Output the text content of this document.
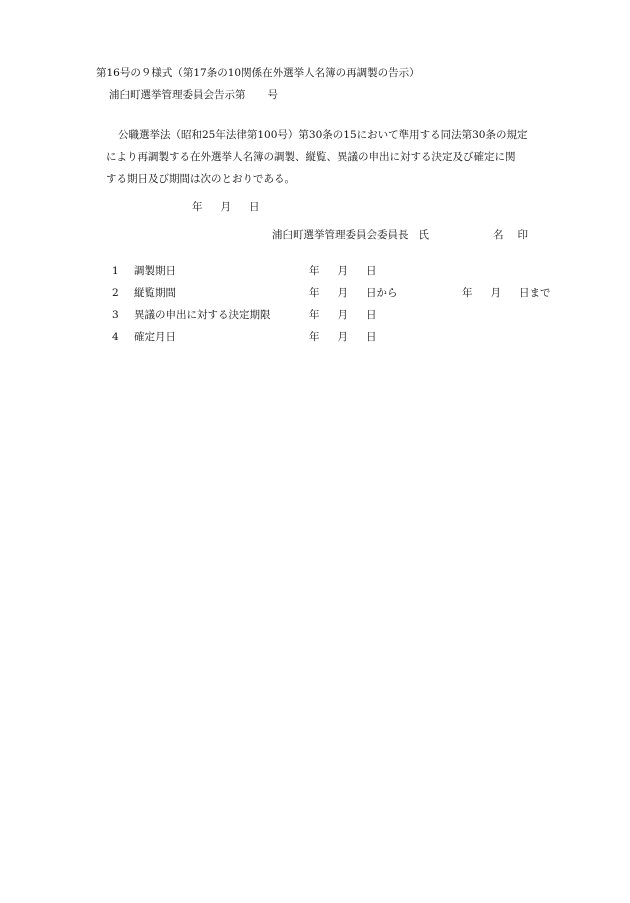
第16号の９様式（第17条の10関係在外選挙人名簿の再調製の告示）
浦臼町選挙管理委員会告示第 号
公職選挙法（昭和25年法律第100号）第30条の15において準用する同法第30条の規定
により再調製する在外選挙人名簿の調製、縦覧、異議の申出に対する決定及び確定に関
する期日及び期間は次のとおりである。
年 月 日
浦臼町選挙管理委員会委員長 氏	名 印
1 調製期日	年 月 日
2 縦覧期間	年 月 日から	年 月 日まで
3 異議の申出に対する決定期限	年 月 日
4 確定月日	年 月 日
